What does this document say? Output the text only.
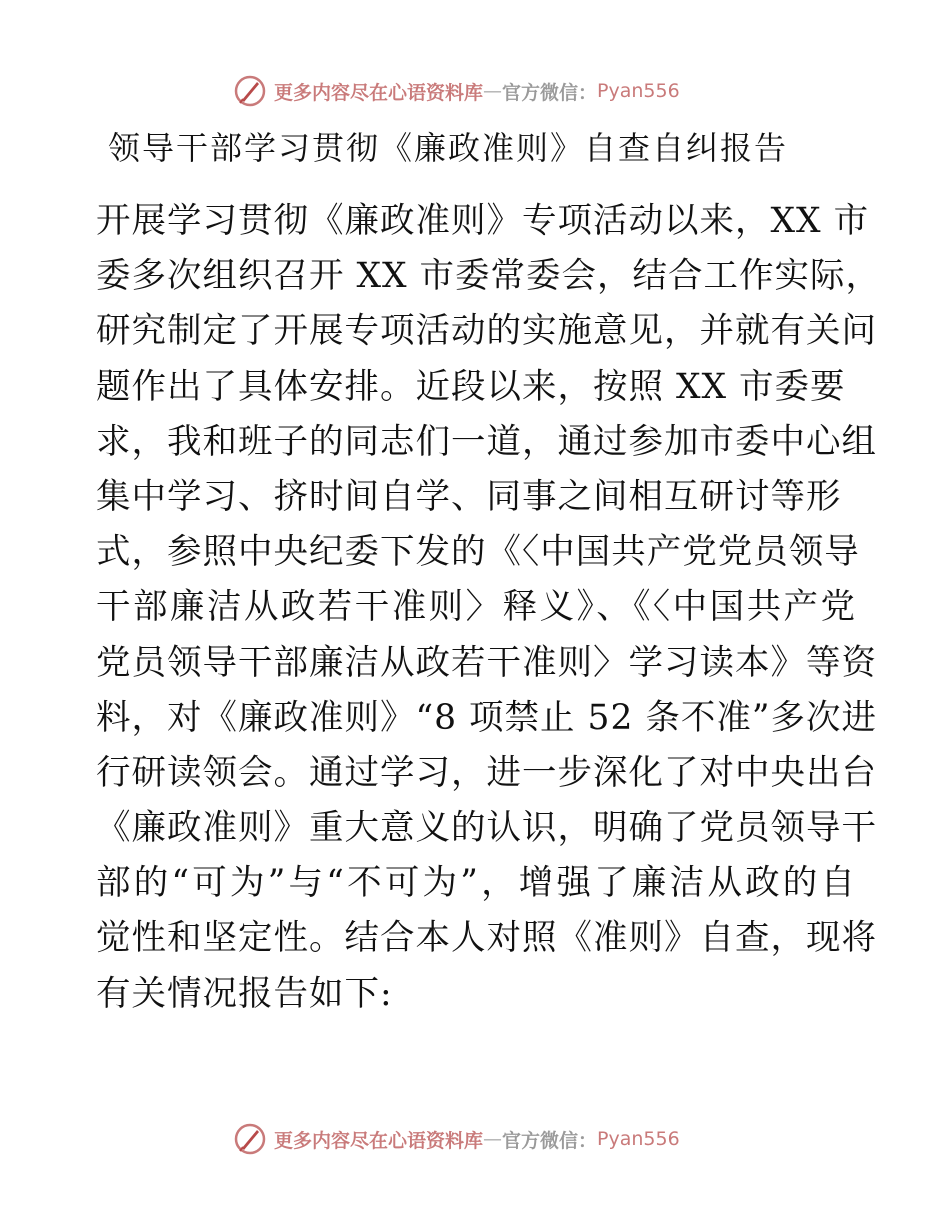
更多内容尽在心语资料库 — 官方微信： Pyan556
领导干部学习贯彻《廉政准则》自查自纠报告
开展学习贯彻《廉政准则》专项活动以来，XX 市
委多次组织召开 XX 市委常委会，结合工作实际，
研究制定了开展专项活动的实施意见，并就有关问
题作出了具体安排。近段以来，按照 XX 市委要
求，我和班子的同志们一道，通过参加市委中心组
集中学习、挤时间自学、同事之间相互研讨等形
式，参照中央纪委下发的《〈中国共产党党员领导
干部廉洁从政若干准则〉释义》、《〈中国共产党
党员领导干部廉洁从政若干准则〉学习读本》等资
料，对《廉政准则》“8 项禁止 52 条不准”多次进
行研读领会。通过学习，进一步深化了对中央出台
《廉政准则》重大意义的认识，明确了党员领导干
部的“可为”与“不可为”，增强了廉洁从政的自
觉性和坚定性。结合本人对照《准则》自查，现将
有关情况报告如下:
更多内容尽在心语资料库 — 官方微信： Pyan556
